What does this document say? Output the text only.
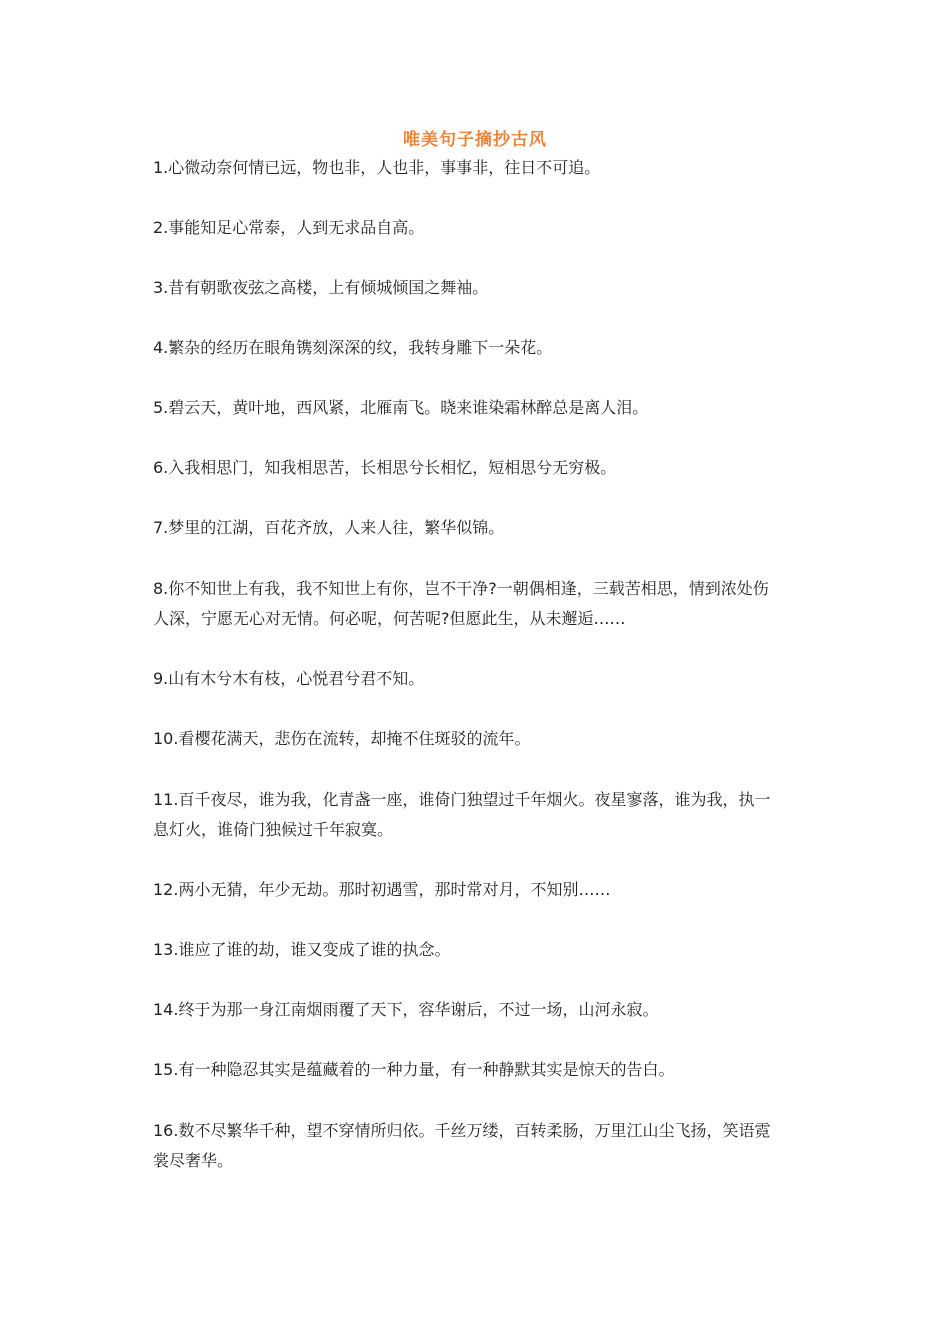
唯美句子摘抄古风
1.心微动奈何情已远，物也非，人也非，事事非，往日不可追。
2.事能知足心常泰，人到无求品自高。
3.昔有朝歌夜弦之高楼，上有倾城倾国之舞袖。
4.繁杂的经历在眼角镌刻深深的纹，我转身雕下一朵花。
5.碧云天，黄叶地，西风紧，北雁南飞。晓来谁染霜林醉总是离人泪。
6.入我相思门，知我相思苦，长相思兮长相忆，短相思兮无穷极。
7.梦里的江湖，百花齐放，人来人往，繁华似锦。
8.你不知世上有我，我不知世上有你，岂不干净?一朝偶相逢，三载苦相思，情到浓处伤
人深，宁愿无心对无情。何必呢，何苦呢?但愿此生，从未邂逅……
9.山有木兮木有枝，心悦君兮君不知。
10.看樱花满天，悲伤在流转，却掩不住斑驳的流年。
11.百千夜尽，谁为我，化青盏一座，谁倚门独望过千年烟火。夜星寥落，谁为我，执一
息灯火，谁倚门独候过千年寂寞。
12.两小无猜，年少无劫。那时初遇雪，那时常对月，不知别……
13.谁应了谁的劫，谁又变成了谁的执念。
14.终于为那一身江南烟雨覆了天下，容华谢后，不过一场，山河永寂。
15.有一种隐忍其实是蕴藏着的一种力量，有一种静默其实是惊天的告白。
16.数不尽繁华千种，望不穿情所归依。千丝万缕，百转柔肠，万里江山尘飞扬，笑语霓
裳尽奢华。
